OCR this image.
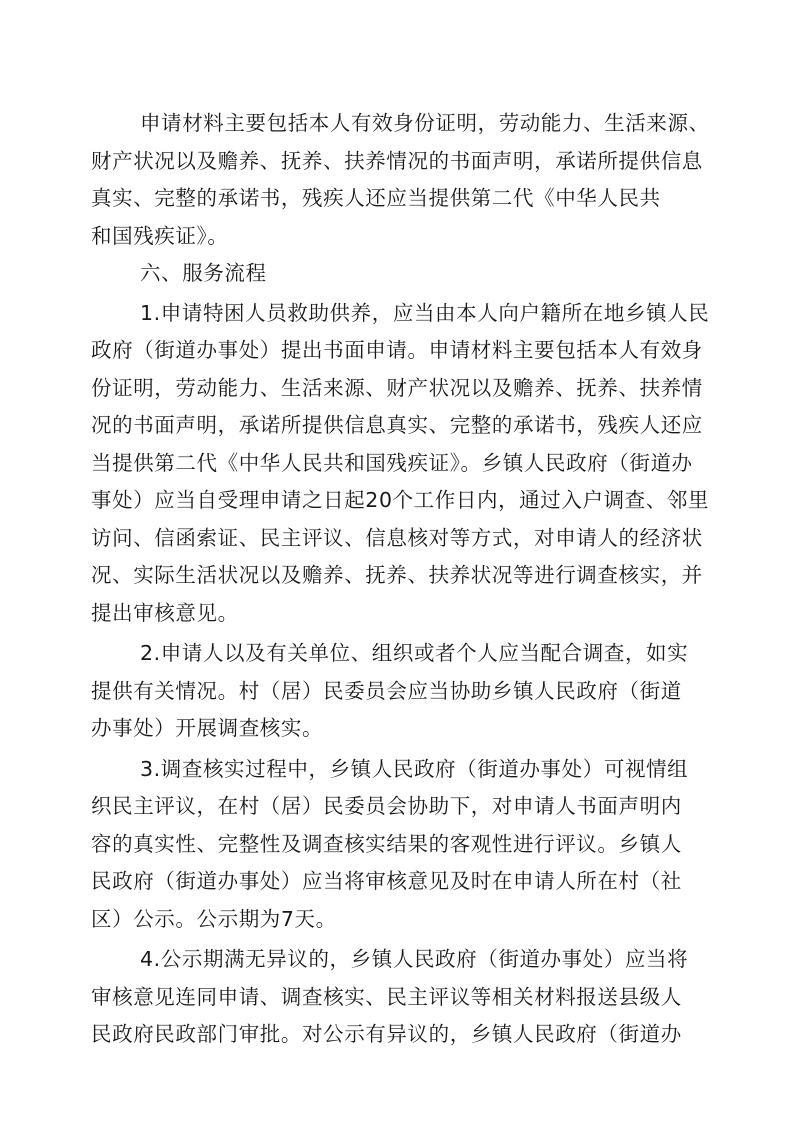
申请材料主要包括本人有效身份证明，劳动能力、生活来源、
财产状况以及赡养、抚养、扶养情况的书面声明，承诺所提供信息
真实、完整的承诺书，残疾人还应当提供第二代《中华人民共
和国残疾证》。
六、服务流程
1.申请特困人员救助供养，应当由本人向户籍所在地乡镇人民
政府（街道办事处）提出书面申请。申请材料主要包括本人有效身
份证明，劳动能力、生活来源、财产状况以及赡养、抚养、扶养情
况的书面声明，承诺所提供信息真实、完整的承诺书，残疾人还应
当提供第二代《中华人民共和国残疾证》。乡镇人民政府（街道办
事处）应当自受理申请之日起20个工作日内，通过入户调查、邻里
访问、信函索证、民主评议、信息核对等方式，对申请人的经济状
况、实际生活状况以及赡养、抚养、扶养状况等进行调查核实，并
提出审核意见。
2.申请人以及有关单位、组织或者个人应当配合调查，如实
提供有关情况。村（居）民委员会应当协助乡镇人民政府（街道
办事处）开展调查核实。
3.调查核实过程中，乡镇人民政府（街道办事处）可视情组
织民主评议，在村（居）民委员会协助下，对申请人书面声明内
容的真实性、完整性及调查核实结果的客观性进行评议。乡镇人
民政府（街道办事处）应当将审核意见及时在申请人所在村（社
区）公示。公示期为7天。
4.公示期满无异议的，乡镇人民政府（街道办事处）应当将
审核意见连同申请、调查核实、民主评议等相关材料报送县级人
民政府民政部门审批。对公示有异议的，乡镇人民政府（街道办
